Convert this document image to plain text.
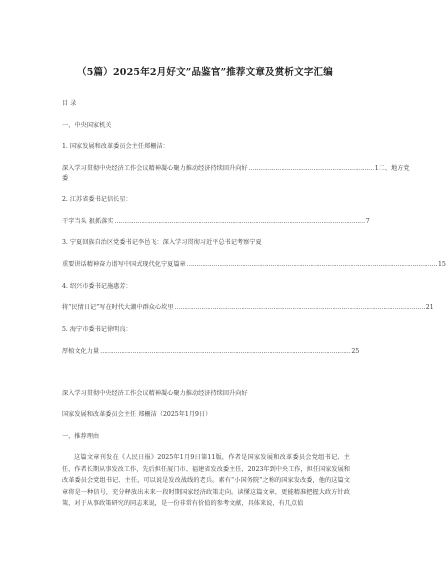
（5篇）2025年2月好文”品鉴官”推荐文章及赏析文字汇编
目 录
一、中央国家机关
1. 国家发展和改革委员会主任郑栅洁：
深入学习贯彻中央经济工作会议精神凝心聚力推动经济持续回升向好 ………………………………………………………… 1二、地方党
委
2. 江苏省委书记信长星：
干字当头 狠抓落实 …………………………………………………………………………………………………………………… 7
3. 宁夏回族自治区党委书记李邑飞：深入学习贯彻习近平总书记考察宁夏
重要讲话精神奋力谱写中国式现代化宁夏篇章 …………………………………………………………………………………………………………………… 15
4. 绍兴市委书记施惠芳：
将“民情日记”写在时代大潮中群众心坎里 …………………………………………………………………………………………………………………… 21
5. 海宁市委书记徐明良：
厚植文化力量 …………………………………………………………………………………………………………………… 25
深入学习贯彻中央经济工作会议精神凝心聚力推动经济持续回升向好
国家发展和改革委员会主任 郑栅洁（2025年1月9日）
一、推荐理由
这篇文章刊发在《人民日报》2025年1月9日第11版，作者是国家发展和改革委员会党组书记、主任，作者长期从事发改工作，先后担任厦门市、福建省发改委主任，2023年到中央工作，担任国家发展和改革委员会党组书记、主任，可以说是发改战线的老兵。素有“小国务院”之称的国家发改委，他的这篇文章将是一种信号，充分释放出未来一段时期国家经济政策走向。读懂这篇文章，更能精准把握大政方针政策，对于从事政策研究的同志来说，是一份非常有价值的参考文献，具体来说，有几点值
